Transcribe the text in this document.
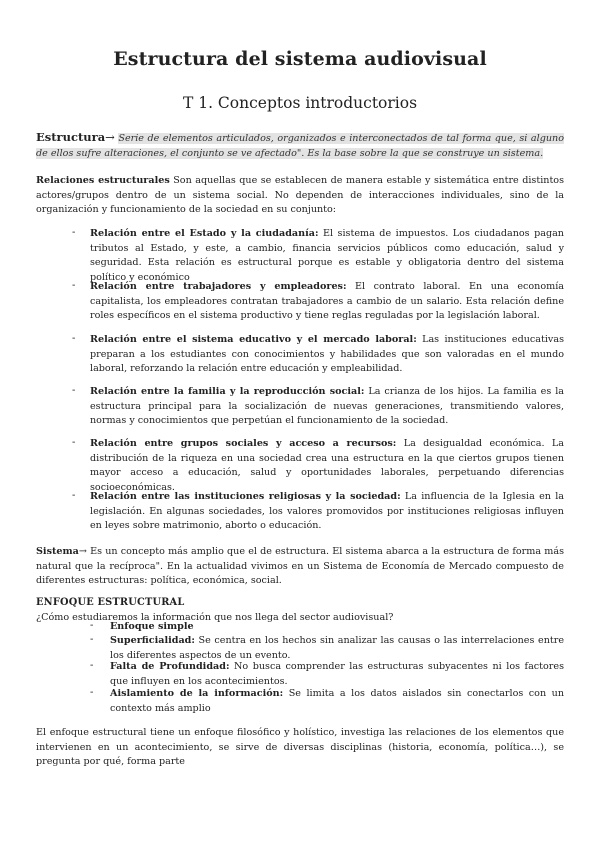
Estructura del sistema audiovisual
T 1. Conceptos introductorios

Estructura→ Serie de elementos articulados, organizados e interconectados de tal forma que, si alguno de ellos sufre alteraciones, el conjunto se ve afectado". Es la base sobre la que se construye un sistema.

Relaciones estructurales Son aquellas que se establecen de manera estable y sistemática entre distintos actores/grupos dentro de un sistema social. No dependen de interacciones individuales, sino de la organización y funcionamiento de la sociedad en su conjunto:

- Relación entre el Estado y la ciudadanía: El sistema de impuestos. Los ciudadanos pagan tributos al Estado, y este, a cambio, financia servicios públicos como educación, salud y seguridad. Esta relación es estructural porque es estable y obligatoria dentro del sistema político y económico

- Relación entre trabajadores y empleadores: El contrato laboral. En una economía capitalista, los empleadores contratan trabajadores a cambio de un salario. Esta relación define roles específicos en el sistema productivo y tiene reglas reguladas por la legislación laboral.

- Relación entre el sistema educativo y el mercado laboral: Las instituciones educativas preparan a los estudiantes con conocimientos y habilidades que son valoradas en el mundo laboral, reforzando la relación entre educación y empleabilidad.

- Relación entre la familia y la reproducción social: La crianza de los hijos. La familia es la estructura principal para la socialización de nuevas generaciones, transmitiendo valores, normas y conocimientos que perpetúan el funcionamiento de la sociedad.

- Relación entre grupos sociales y acceso a recursos: La desigualdad económica. La distribución de la riqueza en una sociedad crea una estructura en la que ciertos grupos tienen mayor acceso a educación, salud y oportunidades laborales, perpetuando diferencias socioeconómicas.

- Relación entre las instituciones religiosas y la sociedad: La influencia de la Iglesia en la legislación. En algunas sociedades, los valores promovidos por instituciones religiosas influyen en leyes sobre matrimonio, aborto o educación.

Sistema→ Es un concepto más amplio que el de estructura. El sistema abarca a la estructura de forma más natural que la recíproca". En la actualidad vivimos en un Sistema de Economía de Mercado compuesto de diferentes estructuras: política, económica, social.

ENFOQUE ESTRUCTURAL

¿Cómo estudiaremos la información que nos llega del sector audiovisual?

- Enfoque simple

- Superficialidad: Se centra en los hechos sin analizar las causas o las interrelaciones entre los diferentes aspectos de un evento.

- Falta de Profundidad: No busca comprender las estructuras subyacentes ni los factores que influyen en los acontecimientos.

- Aislamiento de la información: Se limita a los datos aislados sin conectarlos con un contexto más amplio

El enfoque estructural tiene un enfoque filosófico y holístico, investiga las relaciones de los elementos que intervienen en un acontecimiento, se sirve de diversas disciplinas (historia, economía, política…), se pregunta por qué, forma parte
